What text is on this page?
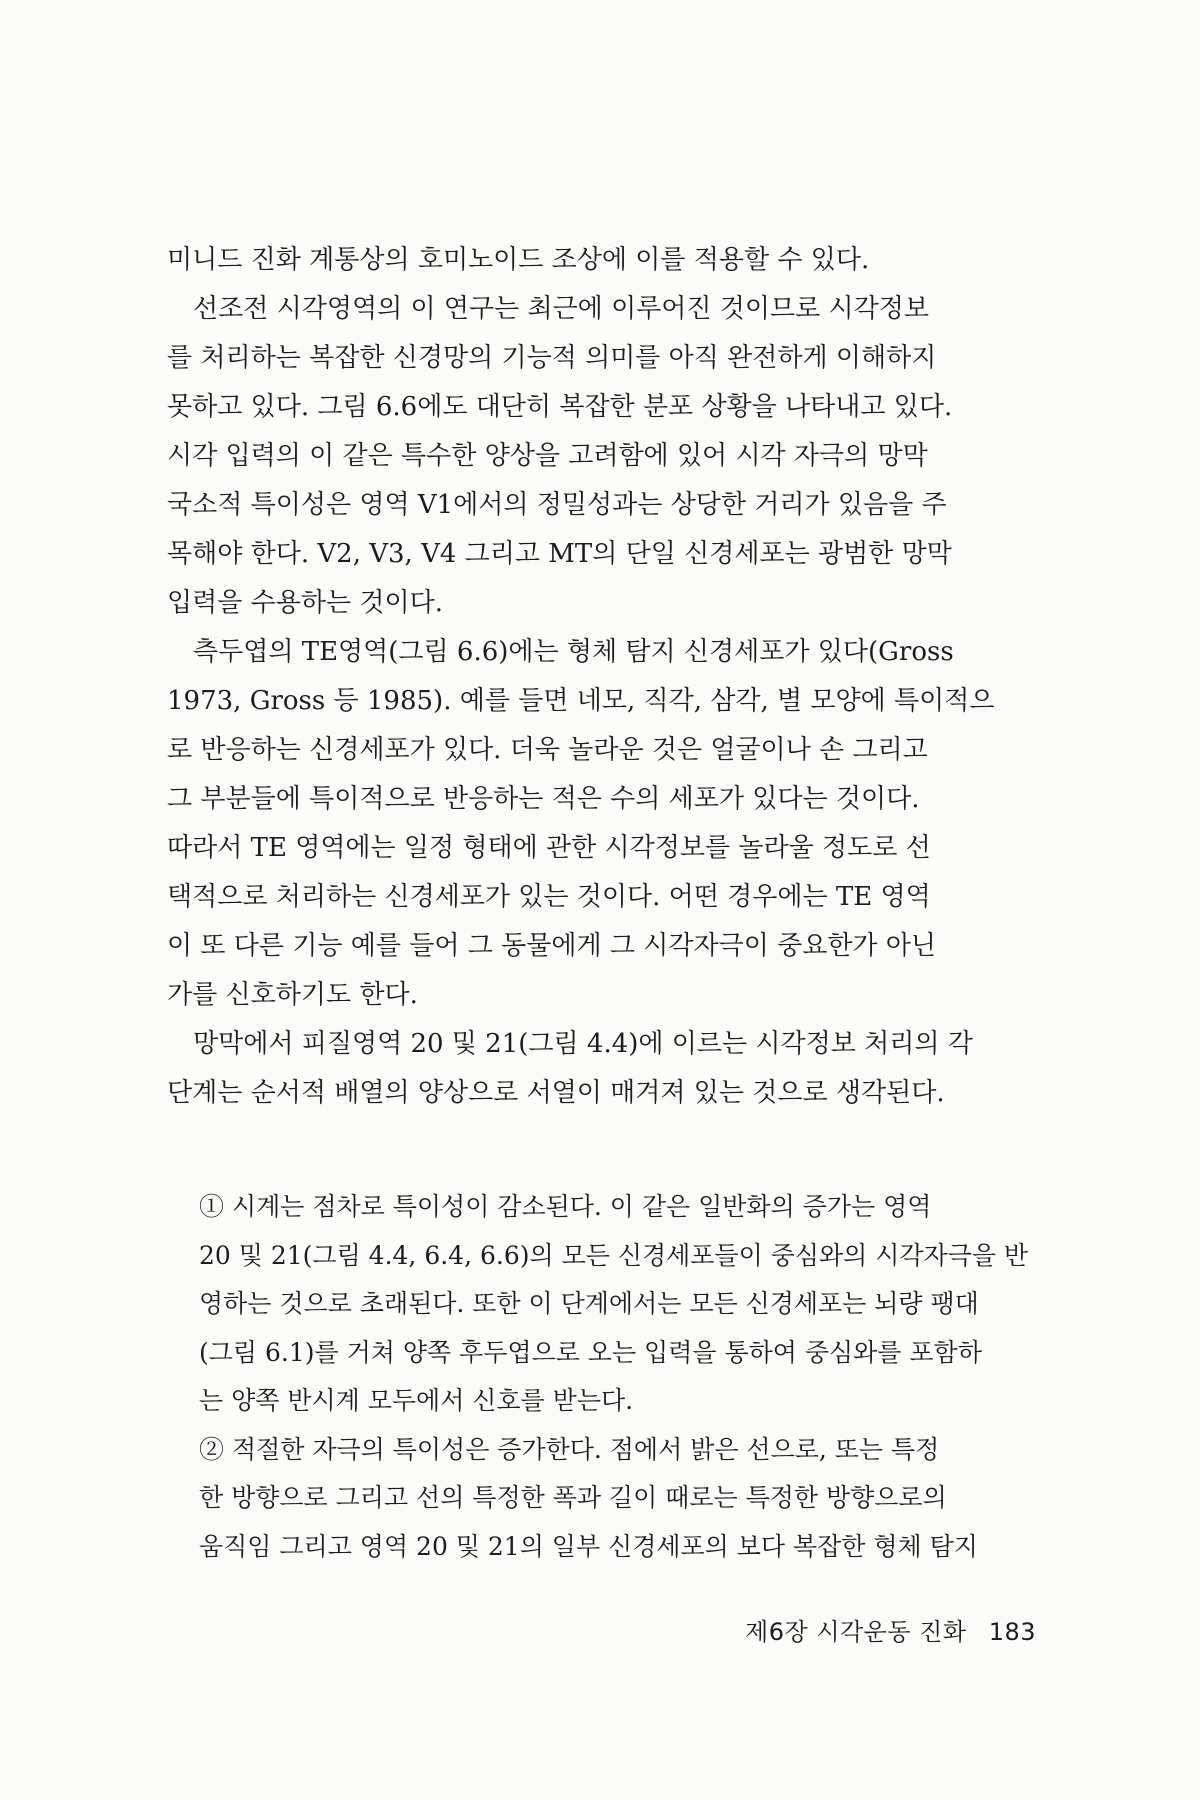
미니드 진화 계통상의 호미노이드 조상에 이를 적용할 수 있다.
　선조전 시각영역의 이 연구는 최근에 이루어진 것이므로 시각정보
를 처리하는 복잡한 신경망의 기능적 의미를 아직 완전하게 이해하지
못하고 있다. 그림 6.6에도 대단히 복잡한 분포 상황을 나타내고 있다.
시각 입력의 이 같은 특수한 양상을 고려함에 있어 시각 자극의 망막
국소적 특이성은 영역 V1에서의 정밀성과는 상당한 거리가 있음을 주
목해야 한다. V2, V3, V4 그리고 MT의 단일 신경세포는 광범한 망막
입력을 수용하는 것이다.
　측두엽의 TE영역(그림 6.6)에는 형체 탐지 신경세포가 있다(Gross
1973, Gross 등 1985). 예를 들면 네모, 직각, 삼각, 별 모양에 특이적으
로 반응하는 신경세포가 있다. 더욱 놀라운 것은 얼굴이나 손 그리고
그 부분들에 특이적으로 반응하는 적은 수의 세포가 있다는 것이다.
따라서 TE 영역에는 일정 형태에 관한 시각정보를 놀라울 정도로 선
택적으로 처리하는 신경세포가 있는 것이다. 어떤 경우에는 TE 영역
이 또 다른 기능 예를 들어 그 동물에게 그 시각자극이 중요한가 아닌
가를 신호하기도 한다.
　망막에서 피질영역 20 및 21(그림 4.4)에 이르는 시각정보 처리의 각
단계는 순서적 배열의 양상으로 서열이 매겨져 있는 것으로 생각된다.
① 시계는 점차로 특이성이 감소된다. 이 같은 일반화의 증가는 영역
20 및 21(그림 4.4, 6.4, 6.6)의 모든 신경세포들이 중심와의 시각자극을 반
영하는 것으로 초래된다. 또한 이 단계에서는 모든 신경세포는 뇌량 팽대
(그림 6.1)를 거쳐 양쪽 후두엽으로 오는 입력을 통하여 중심와를 포함하
는 양쪽 반시계 모두에서 신호를 받는다.
② 적절한 자극의 특이성은 증가한다. 점에서 밝은 선으로, 또는 특정
한 방향으로 그리고 선의 특정한 폭과 길이 때로는 특정한 방향으로의
움직임 그리고 영역 20 및 21의 일부 신경세포의 보다 복잡한 형체 탐지
제6장 시각운동 진화 183
